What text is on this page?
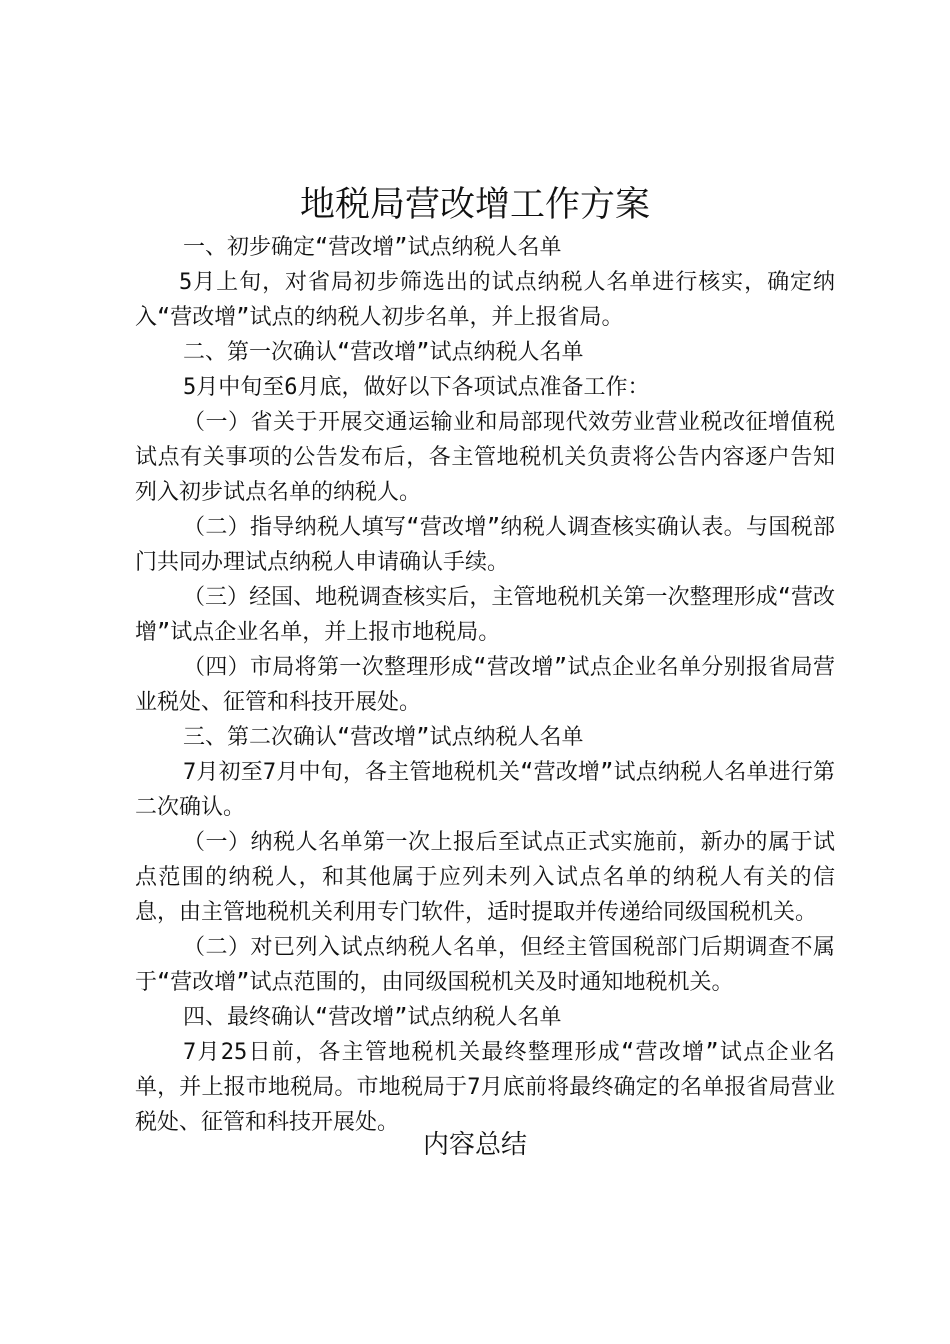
地税局营改增工作方案

一、初步确定“营改增”试点纳税人名单

5月上旬，对省局初步筛选出的试点纳税人名单进行核实，确定纳入“营改增”试点的纳税人初步名单，并上报省局。

二、第一次确认“营改增”试点纳税人名单

5月中旬至6月底，做好以下各项试点准备工作：

（一）省关于开展交通运输业和局部现代效劳业营业税改征增值税试点有关事项的公告发布后，各主管地税机关负责将公告内容逐户告知列入初步试点名单的纳税人。

（二）指导纳税人填写“营改增”纳税人调查核实确认表。与国税部门共同办理试点纳税人申请确认手续。

（三）经国、地税调查核实后，主管地税机关第一次整理形成“营改增”试点企业名单，并上报市地税局。

（四）市局将第一次整理形成“营改增”试点企业名单分别报省局营业税处、征管和科技开展处。

三、第二次确认“营改增”试点纳税人名单

7月初至7月中旬，各主管地税机关“营改增”试点纳税人名单进行第二次确认。

（一）纳税人名单第一次上报后至试点正式实施前，新办的属于试点范围的纳税人，和其他属于应列未列入试点名单的纳税人有关的信息，由主管地税机关利用专门软件，适时提取并传递给同级国税机关。

（二）对已列入试点纳税人名单，但经主管国税部门后期调查不属于“营改增”试点范围的，由同级国税机关及时通知地税机关。

四、最终确认“营改增”试点纳税人名单

7月25日前，各主管地税机关最终整理形成“营改增”试点企业名单，并上报市地税局。市地税局于7月底前将最终确定的名单报省局营业税处、征管和科技开展处。

内容总结
